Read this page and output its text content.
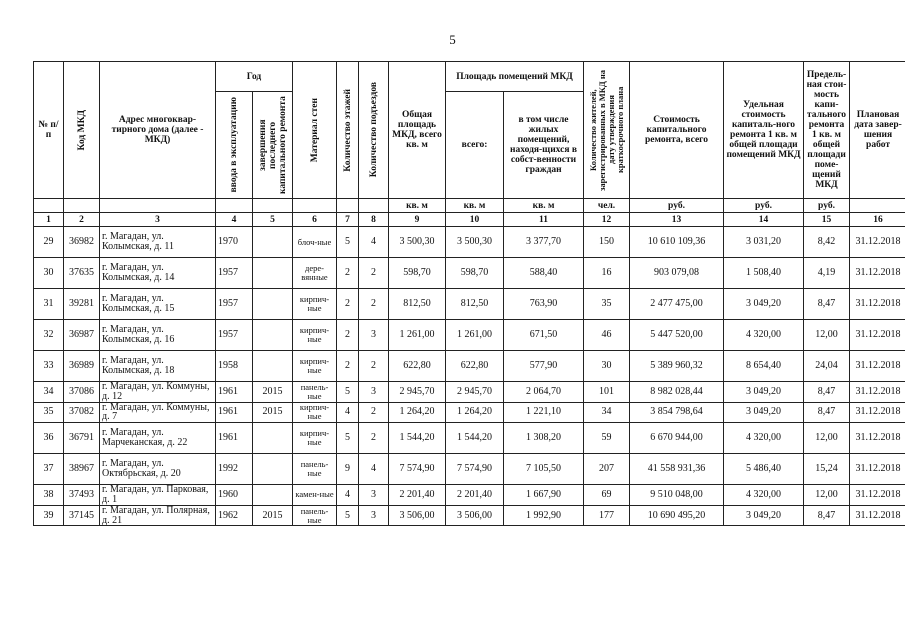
5
№ п/п	Код МКД	Адрес многоквар-тирного дома (далее - МКД)	Год		Материал стен	Количество этажей	Количество подъездов	Общая площадь МКД, всего кв. м	Площадь помещений МКД		Количество жителей, зарегистрированных в МКД на дату утверждения краткосрочного плана	Стоимость капитального ремонта, всего	Удельная стоимость капиталь-ного ремонта 1 кв. м общей площади помещений МКД	Предель-ная стои-мость капи-тального ремонта 1 кв. м общей площади поме-щений МКД	Плановая дата завер-шения работ

			ввода в эксплуатацию	завершения последнего капитального ремонта					всего:	в том числе жилых помещений, находя-щихся в собст-венности граждан					

								кв. м	кв. м	кв. м	чел.	руб.	руб.	руб.	
1	2	3	4	5	6	7	8	9	10	11	12	13	14	15	16
29	36982	г. Магадан, ул. Колымская, д. 11	1970		блоч-ные	5	4	3 500,30	3 500,30	3 377,70	150	10 610 109,36	3 031,20	8,42	31.12.2018
30	37635	г. Магадан, ул. Колымская, д. 14	1957		дере-вянные	2	2	598,70	598,70	588,40	16	903 079,08	1 508,40	4,19	31.12.2018
31	39281	г. Магадан, ул. Колымская, д. 15	1957		кирпич-ные	2	2	812,50	812,50	763,90	35	2 477 475,00	3 049,20	8,47	31.12.2018
32	36987	г. Магадан, ул. Колымская, д. 16	1957		кирпич-ные	2	3	1 261,00	1 261,00	671,50	46	5 447 520,00	4 320,00	12,00	31.12.2018
33	36989	г. Магадан, ул. Колымская, д. 18	1958		кирпич-ные	2	2	622,80	622,80	577,90	30	5 389 960,32	8 654,40	24,04	31.12.2018
34	37086	г. Магадан, ул. Коммуны, д. 12	1961	2015	панель-ные	5	3	2 945,70	2 945,70	2 064,70	101	8 982 028,44	3 049,20	8,47	31.12.2018
35	37082	г. Магадан, ул. Коммуны, д. 7	1961	2015	кирпич-ные	4	2	1 264,20	1 264,20	1 221,10	34	3 854 798,64	3 049,20	8,47	31.12.2018
36	36791	г. Магадан, ул. Марчеканская, д. 22	1961		кирпич-ные	5	2	1 544,20	1 544,20	1 308,20	59	6 670 944,00	4 320,00	12,00	31.12.2018
37	38967	г. Магадан, ул. Октябрьская, д. 20	1992		панель-ные	9	4	7 574,90	7 574,90	7 105,50	207	41 558 931,36	5 486,40	15,24	31.12.2018
38	37493	г. Магадан, ул. Парковая, д. 1	1960		камен-ные	4	3	2 201,40	2 201,40	1 667,90	69	9 510 048,00	4 320,00	12,00	31.12.2018
39	37145	г. Магадан, ул. Полярная, д. 21	1962	2015	панель-ные	5	3	3 506,00	3 506,00	1 992,90	177	10 690 495,20	3 049,20	8,47	31.12.2018
